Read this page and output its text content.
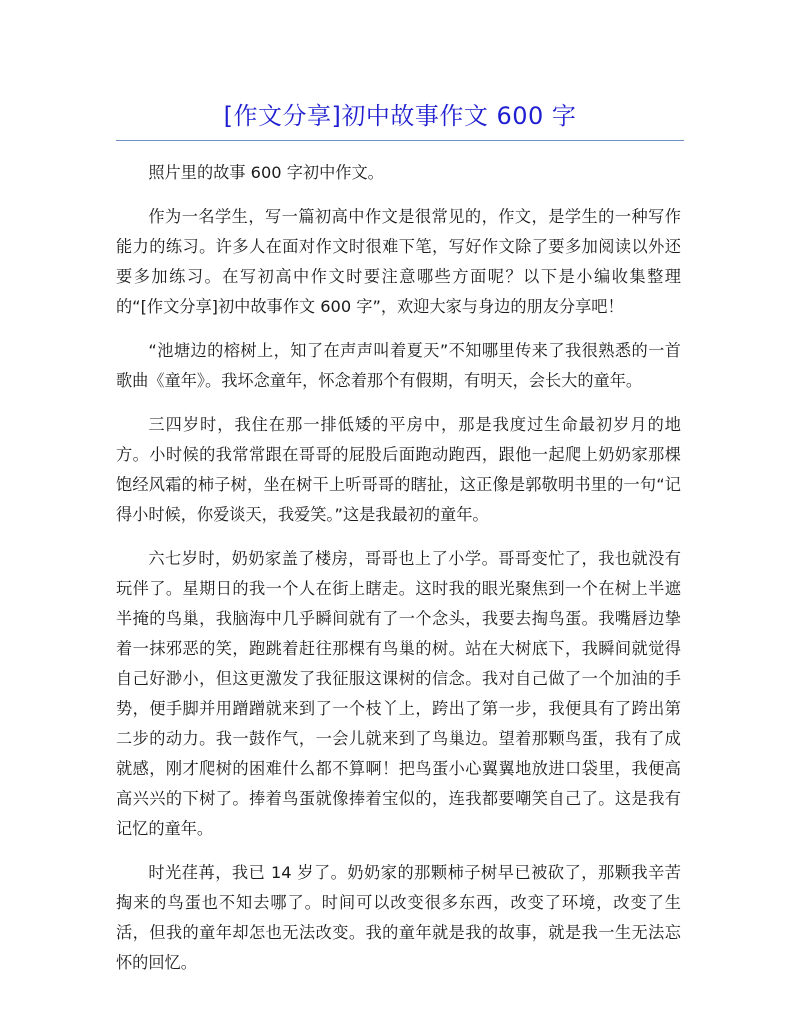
[作文分享]初中故事作文 600 字

照片里的故事 600 字初中作文。

作为一名学生，写一篇初高中作文是很常见的，作文，是学生的一种写作能力的练习。许多人在面对作文时很难下笔，写好作文除了要多加阅读以外还要多加练习。在写初高中作文时要注意哪些方面呢？以下是小编收集整理的“[作文分享]初中故事作文 600 字”，欢迎大家与身边的朋友分享吧！

“池塘边的榕树上，知了在声声叫着夏天”不知哪里传来了我很熟悉的一首歌曲《童年》。我坏念童年，怀念着那个有假期，有明天，会长大的童年。

三四岁时，我住在那一排低矮的平房中，那是我度过生命最初岁月的地方。小时候的我常常跟在哥哥的屁股后面跑动跑西，跟他一起爬上奶奶家那棵饱经风霜的柿子树，坐在树干上听哥哥的瞎扯，这正像是郭敬明书里的一句“记得小时候，你爱谈天，我爱笑。”这是我最初的童年。

六七岁时，奶奶家盖了楼房，哥哥也上了小学。哥哥变忙了，我也就没有玩伴了。星期日的我一个人在街上瞎走。这时我的眼光聚焦到一个在树上半遮半掩的鸟巢，我脑海中几乎瞬间就有了一个念头，我要去掏鸟蛋。我嘴唇边挚着一抹邪恶的笑，跑跳着赶往那棵有鸟巢的树。站在大树底下，我瞬间就觉得自己好渺小，但这更激发了我征服这课树的信念。我对自己做了一个加油的手势，便手脚并用蹭蹭就来到了一个枝丫上，跨出了第一步，我便具有了跨出第二步的动力。我一鼓作气，一会儿就来到了鸟巢边。望着那颗鸟蛋，我有了成就感，刚才爬树的困难什么都不算啊！把鸟蛋小心翼翼地放进口袋里，我便高高兴兴的下树了。捧着鸟蛋就像捧着宝似的，连我都要嘲笑自己了。这是我有记忆的童年。

时光荏苒，我已 14 岁了。奶奶家的那颗柿子树早已被砍了，那颗我辛苦掏来的鸟蛋也不知去哪了。时间可以改变很多东西，改变了环境，改变了生活，但我的童年却怎也无法改变。我的童年就是我的故事，就是我一生无法忘怀的回忆。
